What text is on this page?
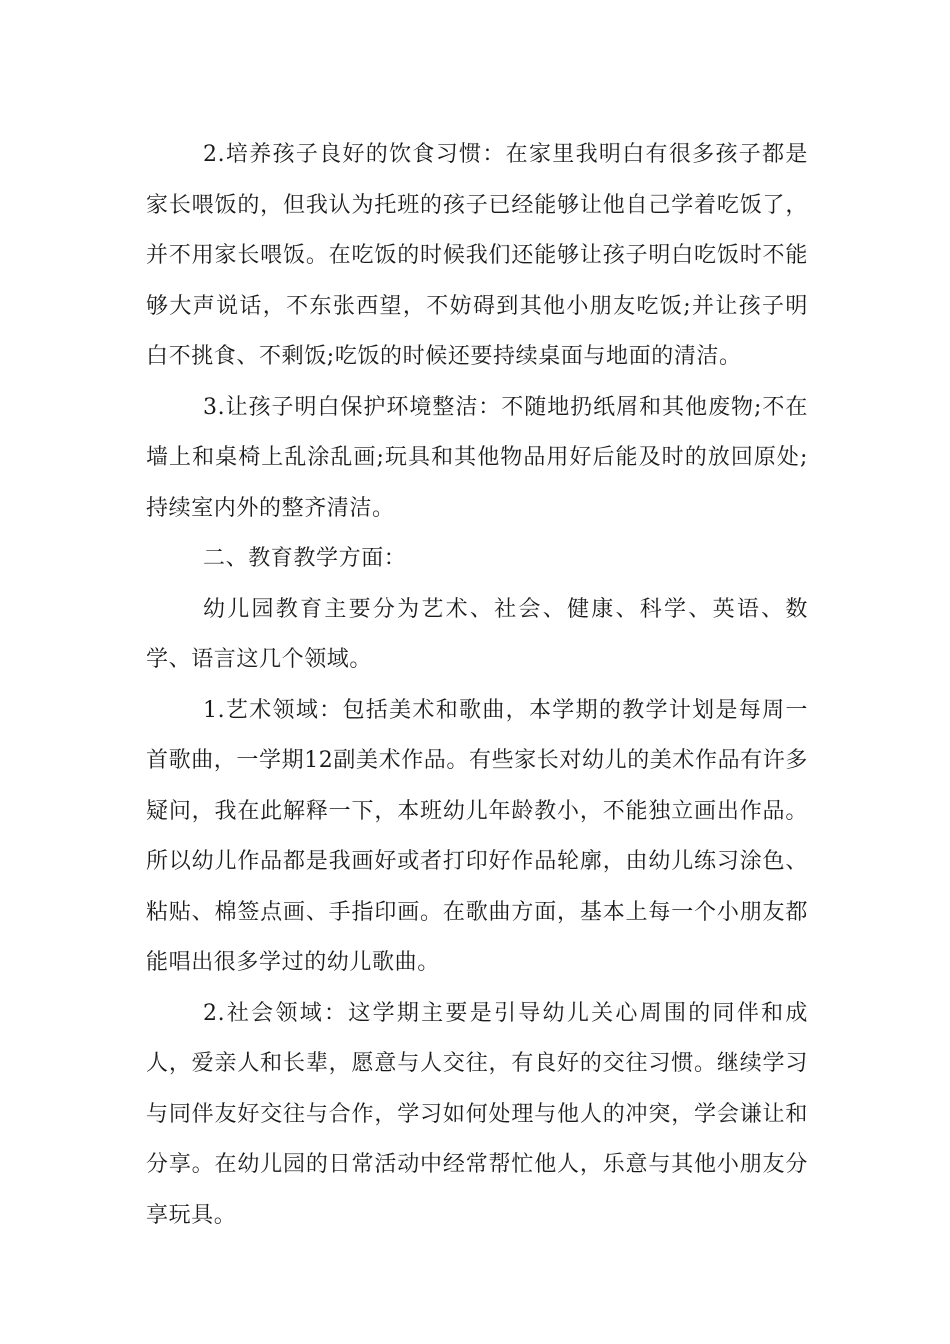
2.培养孩子良好的饮食习惯：在家里我明白有很多孩子都是家长喂饭的，但我认为托班的孩子已经能够让他自己学着吃饭了，并不用家长喂饭。在吃饭的时候我们还能够让孩子明白吃饭时不能够大声说话，不东张西望，不妨碍到其他小朋友吃饭;并让孩子明白不挑食、不剩饭;吃饭的时候还要持续桌面与地面的清洁。

3.让孩子明白保护环境整洁：不随地扔纸屑和其他废物;不在墙上和桌椅上乱涂乱画;玩具和其他物品用好后能及时的放回原处;持续室内外的整齐清洁。

二、教育教学方面：

幼儿园教育主要分为艺术、社会、健康、科学、英语、数学、语言这几个领域。

1.艺术领域：包括美术和歌曲，本学期的教学计划是每周一首歌曲，一学期12副美术作品。有些家长对幼儿的美术作品有许多疑问，我在此解释一下，本班幼儿年龄教小，不能独立画出作品。所以幼儿作品都是我画好或者打印好作品轮廓，由幼儿练习涂色、粘贴、棉签点画、手指印画。在歌曲方面，基本上每一个小朋友都能唱出很多学过的幼儿歌曲。

2.社会领域：这学期主要是引导幼儿关心周围的同伴和成人，爱亲人和长辈，愿意与人交往，有良好的交往习惯。继续学习与同伴友好交往与合作，学习如何处理与他人的冲突，学会谦让和分享。在幼儿园的日常活动中经常帮忙他人，乐意与其他小朋友分享玩具。
